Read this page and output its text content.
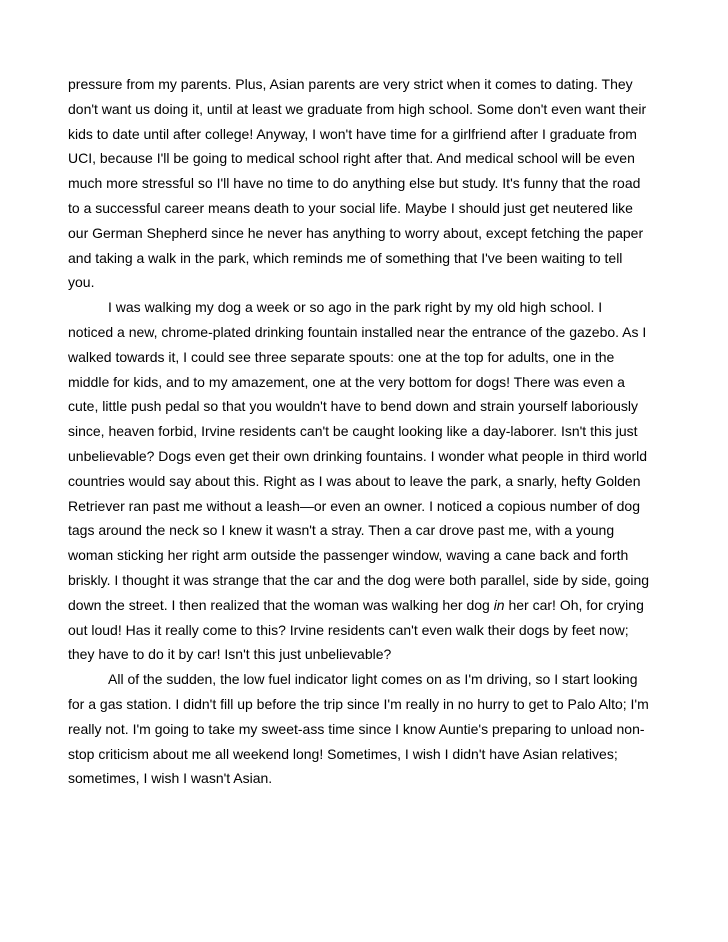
pressure from my parents. Plus, Asian parents are very strict when it comes to dating. They
don't want us doing it, until at least we graduate from high school. Some don't even want their
kids to date until after college! Anyway, I won't have time for a girlfriend after I graduate from
UCI, because I'll be going to medical school right after that. And medical school will be even
much more stressful so I'll have no time to do anything else but study. It's funny that the road
to a successful career means death to your social life. Maybe I should just get neutered like
our German Shepherd since he never has anything to worry about, except fetching the paper
and taking a walk in the park, which reminds me of something that I've been waiting to tell
you.
I was walking my dog a week or so ago in the park right by my old high school. I
noticed a new, chrome-plated drinking fountain installed near the entrance of the gazebo. As I
walked towards it, I could see three separate spouts: one at the top for adults, one in the
middle for kids, and to my amazement, one at the very bottom for dogs! There was even a
cute, little push pedal so that you wouldn't have to bend down and strain yourself laboriously
since, heaven forbid, Irvine residents can't be caught looking like a day-laborer. Isn't this just
unbelievable? Dogs even get their own drinking fountains. I wonder what people in third world
countries would say about this. Right as I was about to leave the park, a snarly, hefty Golden
Retriever ran past me without a leash—or even an owner. I noticed a copious number of dog
tags around the neck so I knew it wasn't a stray. Then a car drove past me, with a young
woman sticking her right arm outside the passenger window, waving a cane back and forth
briskly. I thought it was strange that the car and the dog were both parallel, side by side, going
down the street. I then realized that the woman was walking her dog in her car! Oh, for crying
out loud! Has it really come to this? Irvine residents can't even walk their dogs by feet now;
they have to do it by car! Isn't this just unbelievable?
All of the sudden, the low fuel indicator light comes on as I'm driving, so I start looking
for a gas station. I didn't fill up before the trip since I'm really in no hurry to get to Palo Alto; I'm
really not. I'm going to take my sweet-ass time since I know Auntie's preparing to unload non-
stop criticism about me all weekend long! Sometimes, I wish I didn't have Asian relatives;
sometimes, I wish I wasn't Asian.
